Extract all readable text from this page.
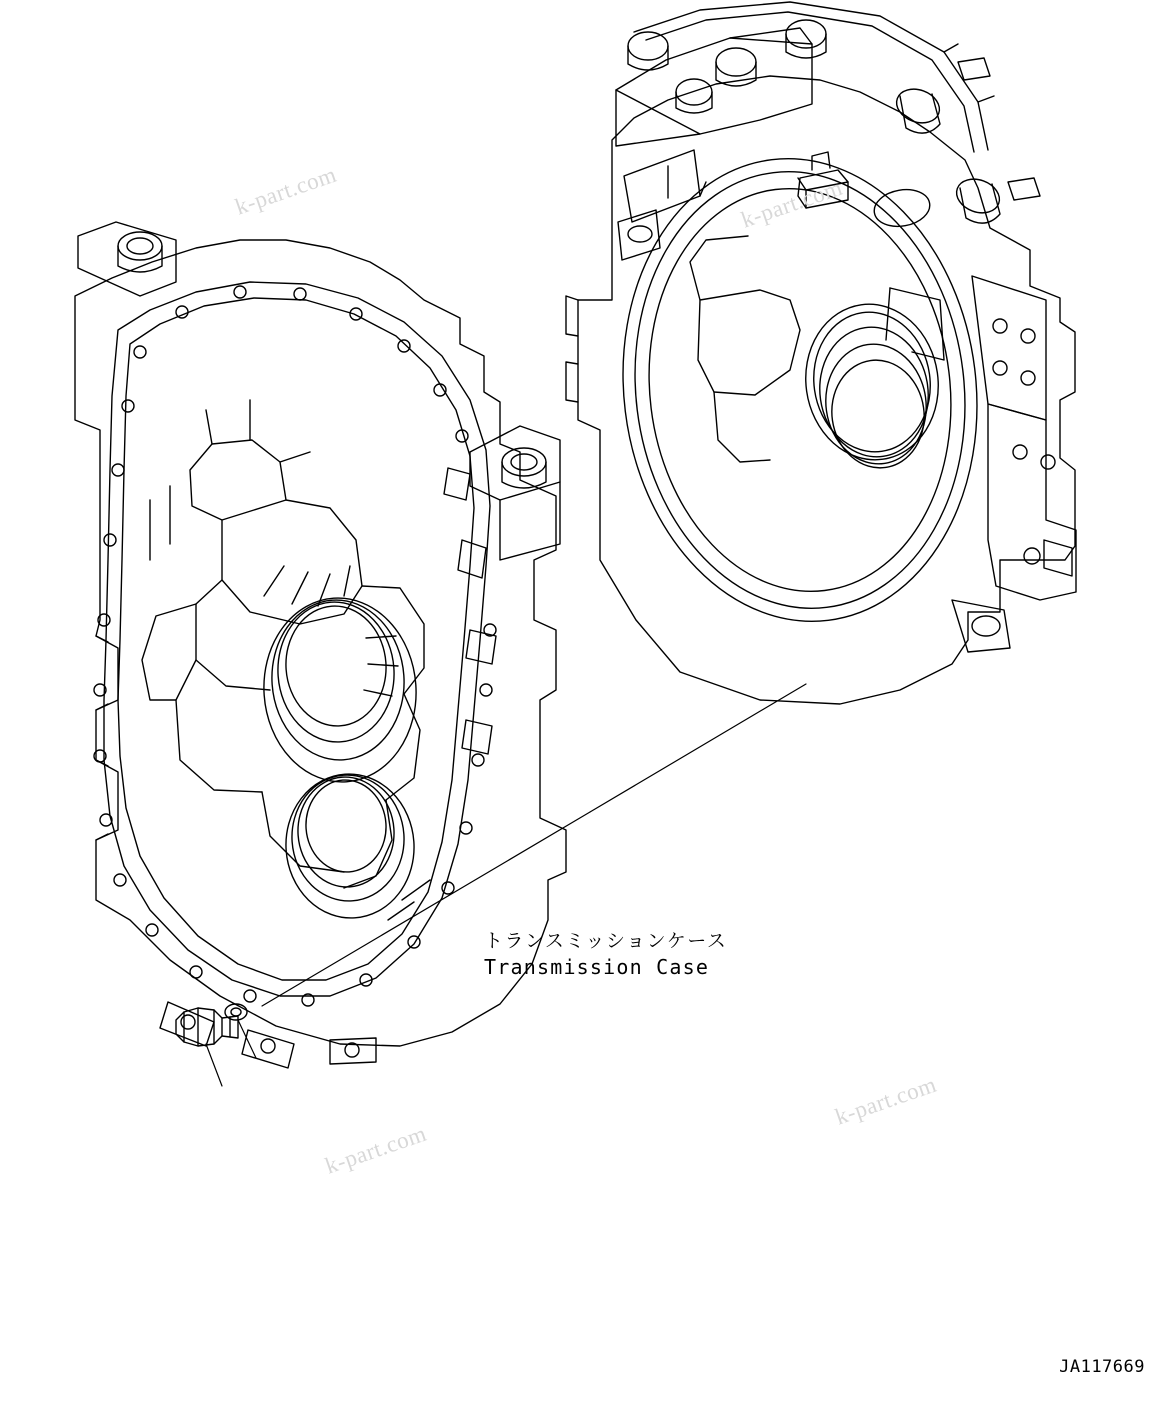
k-part.com	k-part.com
k-part.com
k-part.com
トランスミッションケース
Transmission Case
JA117669
